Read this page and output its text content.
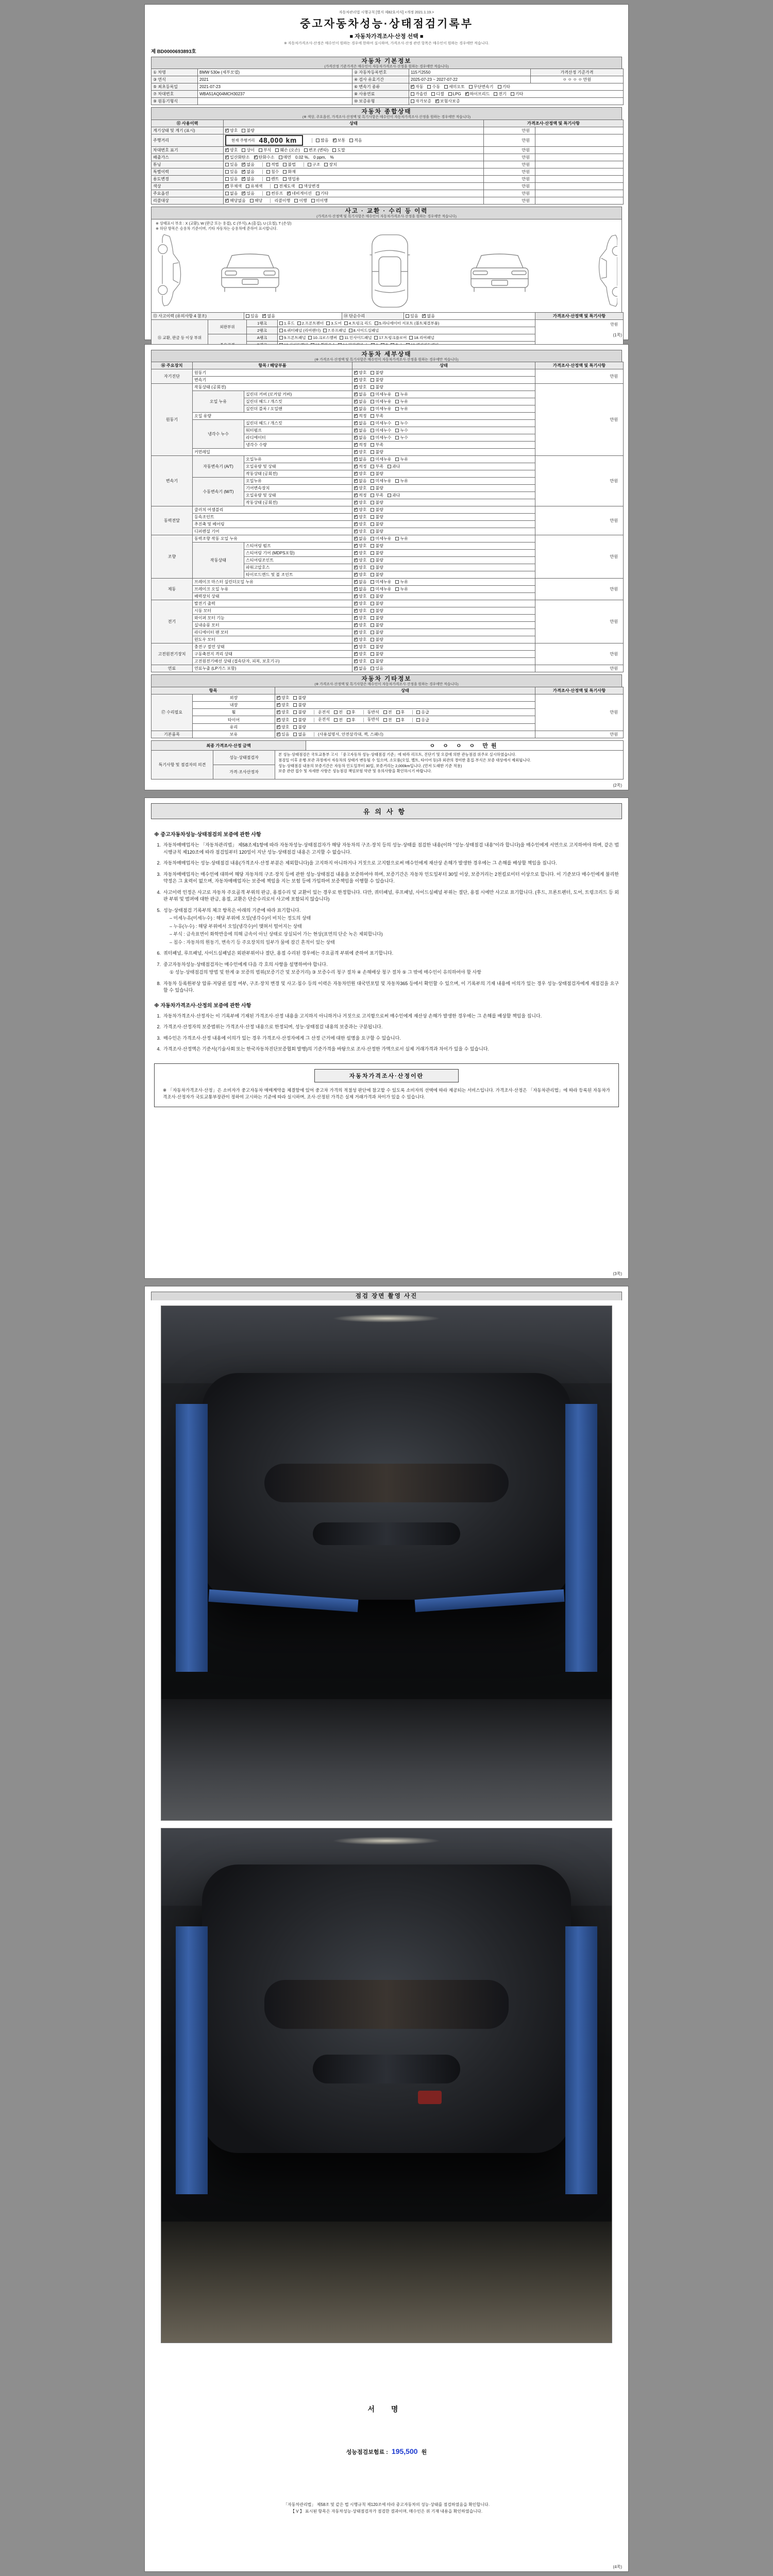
자동차관리법 시행규칙 [별지 제82호서식] <개정 2021.1.19.>
중고자동차성능·상태점검기록부
■ 자동차가격조사·산정 선택 ■
※ 자동차가격조사·산정은 매수인이 원하는 경우에 한하여 실시하며, 가격조사·산정 관련 항목은 매수인이 원하는 경우에만 적습니다.
제 BD0000693893호
자동차 기본정보
(가격산정 기준가격은 매수인이 자동차가격조사·산정을 원하는 경우에만 적습니다)
① 차명	BMW 530e (세부모델)	② 자동차등록번호	115거2550	가격산정 기준가격
③ 연식	2021	④ 검사 유효기간	2025-07-23 ~ 2027-07-22	ㅇ ㅇ ㅇ ㅇ 만원
⑤ 최초등록일	2021-07-23	⑥ 변속기 종류	
✓자동 수동 세미오토 무단변속기 기타

⑦ 차대번호	WBA51AQ04MCH30237	⑧ 사용연료	가솔린 디젤 LPG ✓ 하이브리드 전기 기타

⑨ 원동기형식		⑩ 보증유형	자가보증 ✓ 보험사보증
자동차 종합상태
(※ 색상, 주요옵션, 가격조사·산정액 및 특기사항은 매수인이 자동차가격조사·산정을 원하는 경우에만 적습니다)
⑪ 사용이력	상태	가격조사·산정액 및 특기사항	
계기상태 및 계기 (표시)	
✓양호 불량	만원	
주행거리	현재 주행거리 48,000 km 많음 ✓ 보통 적음	만원	
차대번호 표기	
✓양호 상이 부식 훼손 (오손) 변조 (변타) 도말	만원	
배출가스	
✓일산화탄소 ✓ 탄화수소 매연 0.02 %, 0 ppm, %	만원	
튜닝	있음 ✓ 없음	적법 불법	구조 장치	만원	
특별이력	있음 ✓ 없음 침수 화재	만원	
용도변경	있음 ✓ 없음 렌트 영업용	만원	
색상	
✓무채색 유채색 전체도색 색상변경	만원	
주요옵션	없음 ✓ 있음 썬루프 ✓ 네비게이션 기타	만원	
리콜대상	
✓해당없음 해당 리콜이행 이행 미이행	만원	
사고 · 교환 · 수리 등 이력
(가격조사·산정액 및 특기사항은 매수인이 자동차가격조사·산정을 원하는 경우에만 적습니다)
※ 상태표시 부호 : X (교환), W (판금 또는 용접), C (부식), A (흠집), U (요철), T (손상)
※ 하단 항목은 승용차 기준이며, 기타 자동차는 승용차에 준하여 표시합니다.
⑬ 사고이력 (유의사항 4 참조)	있음 ✓ 없음	⑭ 단순수리	있음 ✓ 없음	가격조사·산정액 및 특기사항
⑮ 교환, 판금 등 이상 부위	외판부위	1랭크	1.후드 2.프론트펜더 3.도어 4.트렁크 리드 5.라디에이터 서포트 (볼트체결부품)	만원
		2랭크	6.쿼터패널 (리어펜더) 7.루프패널 8.사이드실패널	

	A랭크	9.프론트패널 10.크로스멤버 11.인사이드패널 17.트렁크플로어 18.리어패널	

(1쪽)
자동차 세부상태
(※ 가격조사·산정액 및 특기사항은 매수인이 자동차가격조사·산정을 원하는 경우에만 적습니다)
⑯ 주요장치	항목 / 해당부품		상태	가격조사·산정액 및 특기사항
자기진단	원동기	
✓양호 불량	만원
	변속기	
✓양호 불량

원동기	작동상태 (공회전)	
✓양호 불량	만원
	오일 누유	실린더 커버 (로커암 커버)	
✓없음 미세누유 누유

		실린더 헤드 / 개스킷	
✓없음 미세누유 누유

		실린더 블록 / 오일팬	
✓없음 미세누유 누유

	오일 유량	
✓적정 부족

	냉각수 누수	실린더 헤드 / 개스킷	
✓없음 미세누수 누수

		워터펌프	
✓없음 미세누수 누수

		라디에이터	
✓없음 미세누수 누수

		냉각수 수량	
✓적정 부족

	커먼레일	
✓양호 불량

변속기	자동변속기 (A/T)	오일누유	
✓없음 미세누유 누유	만원
		오일유량 및 상태	
✓적정 부족 과다

		작동상태 (공회전)	
✓양호 불량

	수동변속기 (M/T)	오일누유	
✓없음 미세누유 누유

		기어변속장치	
✓양호 불량

		오일유량 및 상태	
✓적정 부족 과다

		작동상태 (공회전)	
✓양호 불량

동력전달	클러치 어셈블리	
✓양호 불량	만원
	등속조인트	
✓양호 불량

	추진축 및 베어링	
✓양호 불량

	디퍼렌셜 기어	
✓양호 불량

조향	동력조향 작동 오일 누유	
✓없음 미세누유 누유	만원
	작동상태	스티어링 펌프	
✓양호 불량

		스티어링 기어 (MDPS포함)	
✓양호 불량

		스티어링조인트	
✓양호 불량

		파워고압호스	
✓양호 불량

		타이로드엔드 및 볼 조인트	
✓양호 불량

제동	브레이크 마스터 실린더오일 누유	
✓없음 미세누유 누유	만원
	브레이크 오일 누유	
✓없음 미세누유 누유

	배력장치 상태	
✓양호 불량

전기	발전기 출력	
✓양호 불량	만원
	시동 모터	
✓양호 불량

	와이퍼 모터 기능	
✓양호 불량

	실내송풍 모터	
✓양호 불량

	라디에이터 팬 모터	
✓양호 불량

	윈도우 모터	
✓양호 불량

고전원전기장치	충전구 절연 상태	
✓양호 불량	만원
	구동축전지 격리 상태	
✓양호 불량

	고전원전기배선 상태 (접속단자, 피복, 보호기구)	
✓양호 불량

연료	연료누출 (LP가스 포함)	
✓없음 있음	만원
자동차 기타정보
(※ 가격조사·산정액 및 특기사항은 매수인이 자동차가격조사·산정을 원하는 경우에만 적습니다)
항목		상태	가격조사·산정액 및 특기사항
⑰ 수리필요	외장	
✓양호 불량	만원
	내장	
✓양호 불량

휠	
✓양호 불량	운전석 전 후	동반석 전 후	응급

타이어	
✓양호 불량	운전석 전 후	동반석 전 후	응급

	유리	
✓양호 불량

기본품목	보유	
✓있음 없음 (사용설명서, 안전삼각대, 잭, 스패너)	만원
최종 가격조사·산정 금액	ㅇ ㅇ ㅇ ㅇ 만원
특기사항 및 점검자의 의견	성능·상태점검자	본 성능·상태점검은 국토교통부 고시 「중고자동차 성능·상태점검 기준」에 따라 리프트, 진단기 및 오감에 의한 관능점검 위주로 실시하였습니다.
점검일 이후 운행·보관 과정에서 자동차의 상태가 변동될 수 있으며, 소모품(오일, 벨트, 타이어 등)과 외관의 경미한 흠집·부식은 보증 대상에서 제외됩니다.
성능·상태점검 내용의 보증기간은 자동차 인도일부터 30일, 보증거리는 2,000km입니다. (먼저 도래한 기준 적용)
보증 관련 접수 및 자세한 사항은 성능점검 책임보험 약관 및 유의사항을 확인하시기 바랍니다.
가격·조사산정자
(2쪽)
유의사항
※ 중고자동차성능·상태점검의 보증에 관한 사항
1. 자동차매매업자는 「자동차관리법」 제58조제1항에 따라 자동차성능·상태점검자가 해당 자동차의 구조·장치 등의 성능·상태를 점검한 내용(이하 "성능·상태점검 내용"이라 합니다)을 매수인에게 서면으로 고지하여야 하며, 같은 법 시행규칙 제120조에 따라 점검일부터 120일이 지난 성능·상태점검 내용은 고지할 수 없습니다.
2. 자동차매매업자는 성능·상태점검 내용(가격조사·산정 부분은 제외합니다)을 고지하지 아니하거나 거짓으로 고지함으로써 매수인에게 재산상 손해가 발생한 경우에는 그 손해를 배상할 책임을 집니다.
3. 자동차매매업자는 매수인에 대하여 해당 자동차의 구조·장치 등에 관한 성능·상태점검 내용을 보증하여야 하며, 보증기간은 자동차 인도일부터 30일 이상, 보증거리는 2천킬로미터 이상으로 합니다. 이 기준보다 매수인에게 불리한 약정은 그 효력이 없으며, 자동차매매업자는 보증에 책임을 지는 보험 등에 가입하여 보증책임을 이행할 수 있습니다.
4. 사고이력 인정은 사고로 자동차 주요골격 부위의 판금, 용접수리 및 교환이 있는 경우로 한정합니다. 다만, 쿼터패널, 루프패널, 사이드실패널 부위는 절단, 용접 시에만 사고로 표기합니다. (후드, 프론트펜더, 도어, 트렁크리드 등 외판 부위 및 범퍼에 대한 판금, 용접, 교환은 단순수리로서 사고에 포함되지 않습니다)
5. 성능·상태점검 기록부의 체크 항목은 아래의 기준에 따라 표기합니다.
– 미세누유(미세누수) : 해당 부위에 오일(냉각수)이 비치는 정도의 상태
– 누유(누수) : 해당 부위에서 오일(냉각수)이 맺혀서 떨어지는 상태
– 부식 : 금속표면이 화학반응에 의해 금속이 아닌 상태로 상실되어 가는 현상(표면의 단순 녹은 제외합니다)
– 침수 : 자동차의 원동기, 변속기 등 주요장치의 일부가 물에 잠긴 흔적이 있는 상태
6. 쿼터패널, 루프패널, 사이드실패널은 외판부위이나 절단, 용접 수리된 경우에는 주요골격 부위에 준하여 표기합니다.
7. 중고자동차성능·상태점검자는 매수인에게 다음 각 호의 사항을 설명하여야 합니다.
① 성능·상태점검의 방법 및 한계 ② 보증의 범위(보증기간 및 보증거리) ③ 보증수리 청구 절차 ④ 손해배상 청구 절차 ⑤ 그 밖에 매수인이 유의하여야 할 사항
8. 자동차 등록원부상 압류·저당권 설정 여부, 구조·장치 변경 및 사고·침수 등의 이력은 자동차민원 대국민포털 및 자동차365 등에서 확인할 수 있으며, 이 기록부의 기재 내용에 이의가 있는 경우 성능·상태점검자에게 재점검을 요구할 수 있습니다.
※ 자동차가격조사·산정의 보증에 관한 사항
1. 자동차가격조사·산정자는 이 기록부에 기재된 가격조사·산정 내용을 고지하지 아니하거나 거짓으로 고지함으로써 매수인에게 재산상 손해가 발생한 경우에는 그 손해를 배상할 책임을 집니다.
2. 가격조사·산정자의 보증범위는 가격조사·산정 내용으로 한정되며, 성능·상태점검 내용의 보증과는 구분됩니다.
3. 매수인은 가격조사·산정 내용에 이의가 있는 경우 가격조사·산정자에게 그 산정 근거에 대한 설명을 요구할 수 있습니다.
4. 가격조사·산정액은 기준서(기술사회 또는 한국자동차진단보증협회 발행)의 기준가격을 바탕으로 조사·산정한 가액으로서 실제 거래가격과 차이가 있을 수 있습니다.
자동차가격조사·산정이란
※ 「자동차가격조사·산정」은 소비자가 중고자동차 매매계약을 체결함에 있어 중고차 가격의 적절성 판단에 참고할 수 있도록 소비자의 선택에 따라 제공되는 서비스입니다. 가격조사·산정은 「자동차관리법」에 따라 등록된 자동차가격조사·산정자가 국토교통부장관이 정하여 고시하는 기준에 따라 실시하며, 조사·산정된 가격은 실제 거래가격과 차이가 있을 수 있습니다.
(3쪽)
점검 장면 촬영 사진
서 명
성능점검보험료 : 195,500 원
「자동차관리법」 제58조 및 같은 법 시행규칙 제120조에 따라 중고자동차의 성능·상태를 점검하였음을 확인합니다.
【 V 】 표시된 항목은 자동차성능·상태점검자가 점검한 결과이며, 매수인은 위 기재 내용을 확인하였습니다.
(4쪽)
